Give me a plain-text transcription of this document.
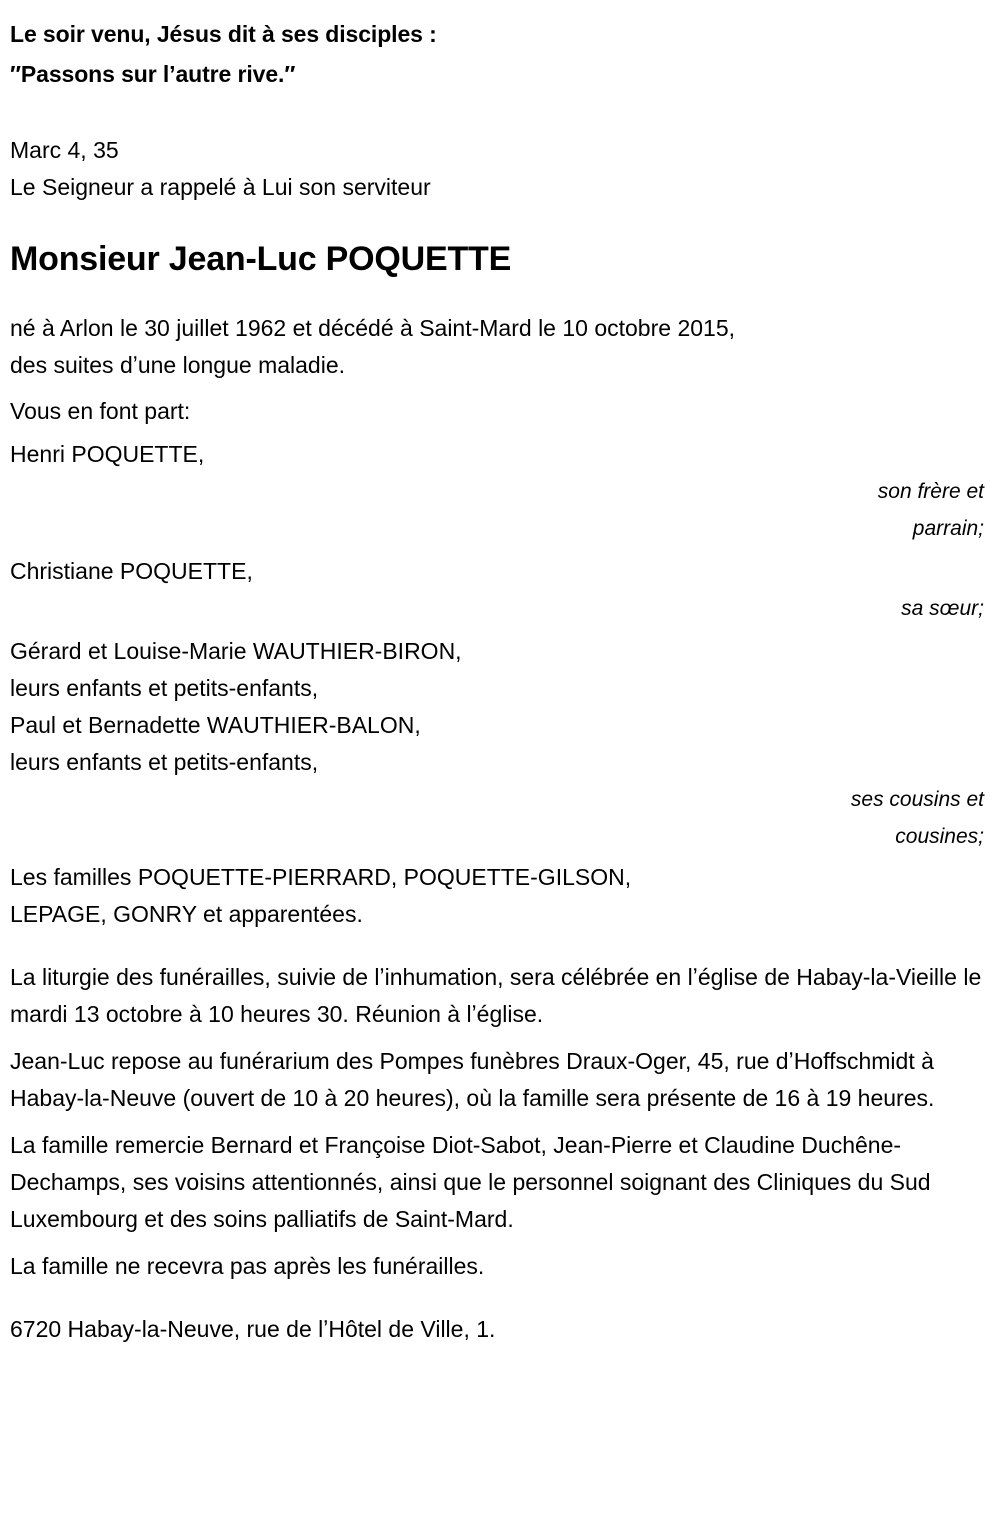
Le soir venu, Jésus dit à ses disciples :
″Passons sur lʼautre rive.″
Marc 4, 35
Le Seigneur a rappelé à Lui son serviteur
Monsieur Jean-Luc POQUETTE
né à Arlon le 30 juillet 1962 et décédé à Saint-Mard le 10 octobre 2015,
des suites dʼune longue maladie.
Vous en font part:
Henri POQUETTE,
son frère et
parrain;
Christiane POQUETTE,
sa sœur;
Gérard et Louise-Marie WAUTHIER-BIRON,
leurs enfants et petits-enfants,
Paul et Bernadette WAUTHIER-BALON,
leurs enfants et petits-enfants,
ses cousins et
cousines;
Les familles POQUETTE-PIERRARD, POQUETTE-GILSON,
LEPAGE, GONRY et apparentées.

La liturgie des funérailles, suivie de lʼinhumation, sera célébrée en lʼéglise de Habay-la-Vieille le mardi 13 octobre à 10 heures 30. Réunion à lʼéglise.

Jean-Luc repose au funérarium des Pompes funèbres Draux-Oger, 45, rue dʼHoffschmidt à Habay-la-Neuve (ouvert de 10 à 20 heures), où la famille sera présente de 16 à 19 heures.

La famille remercie Bernard et Françoise Diot-Sabot, Jean-Pierre et Claudine Duchêne-Dechamps, ses voisins attentionnés, ainsi que le personnel soignant des Cliniques du Sud Luxembourg et des soins palliatifs de Saint-Mard.

La famille ne recevra pas après les funérailles.

6720 Habay-la-Neuve, rue de lʼHôtel de Ville, 1.
